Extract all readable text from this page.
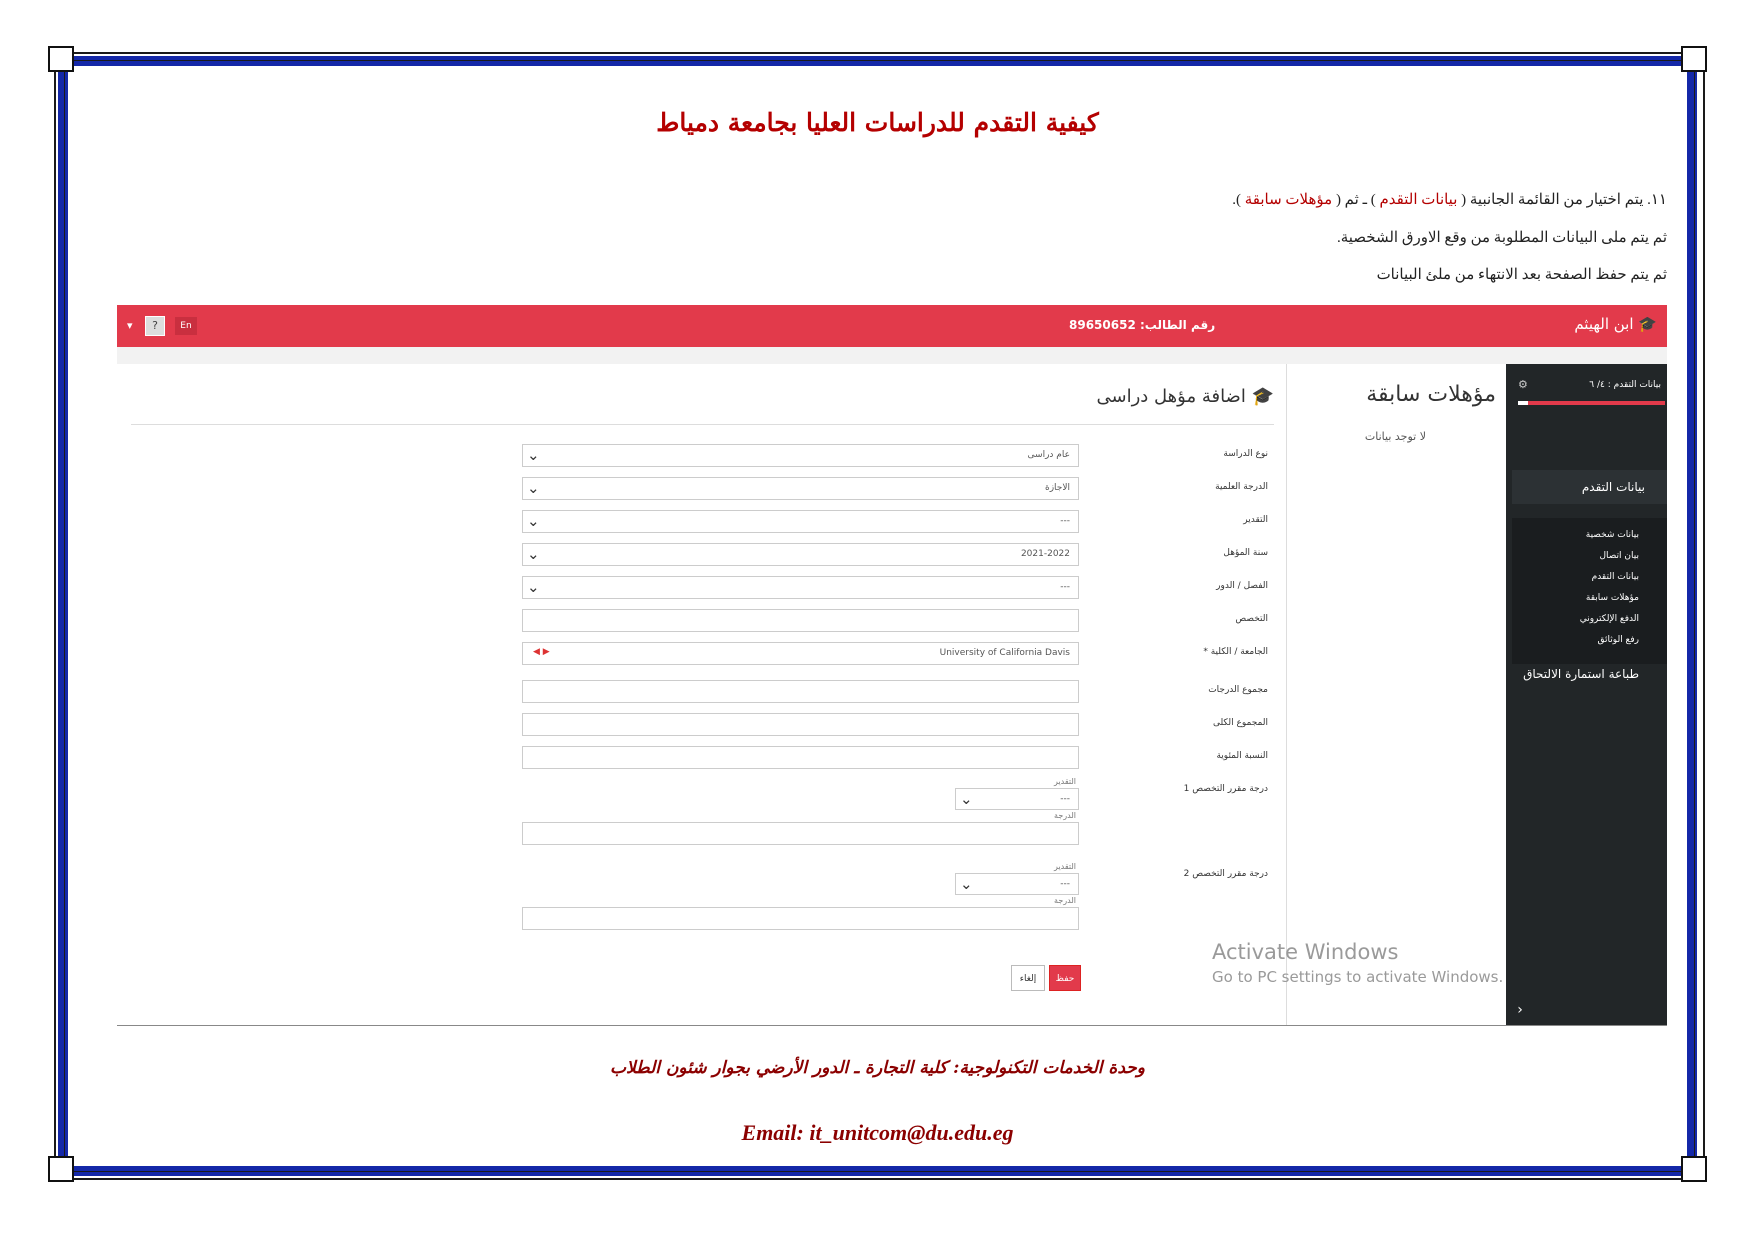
كيفية التقدم للدراسات العليا بجامعة دمياط
١١. يتم اختيار من القائمة الجانبية ( بيانات التقدم ) ـ ثم ( مؤهلات سابقة ).
ثم يتم ملى البيانات المطلوبة من وقع الاورق الشخصية.
ثم يتم حفظ الصفحة بعد الانتهاء من ملئ البيانات
🎓 ابن الهيثم
رقم الطالب: 89650652
En
?
▾
🎓 اضافة مؤهل دراسى
نوع الدراسة
عام دراسى
⌄
الدرجة العلمية
الاجازة
⌄
التقدير
---
⌄
سنة المؤهل
2021-2022
⌄
الفصل / الدور
---
⌄
التخصص
الجامعة / الكلية *
University of California Davis
◀ ▶
مجموع الدرجات
المجموع الكلى
النسبة المئوية
درجة مقرر التخصص 1
التقدير
---
⌄
الدرجة
درجة مقرر التخصص 2
التقدير
---
⌄
الدرجة
حفظ
إلغاء
مؤهلات سابقة
لا توجد بيانات
⚙	بيانات التقدم : ٤/ ٦
بيانات التقدم
بيانات شخصية
بيان اتصال
بيانات التقدم
مؤهلات سابقة
الدفع الإلكتروني
رفع الوثائق
طباعة استمارة الالتحاق
›
Activate Windows
Go to PC settings to activate Windows.
وحدة الخدمات التكنولوجية: كلية التجارة ـ الدور الأرضي بجوار شئون الطلاب
Email: it_unitcom@du.edu.eg
